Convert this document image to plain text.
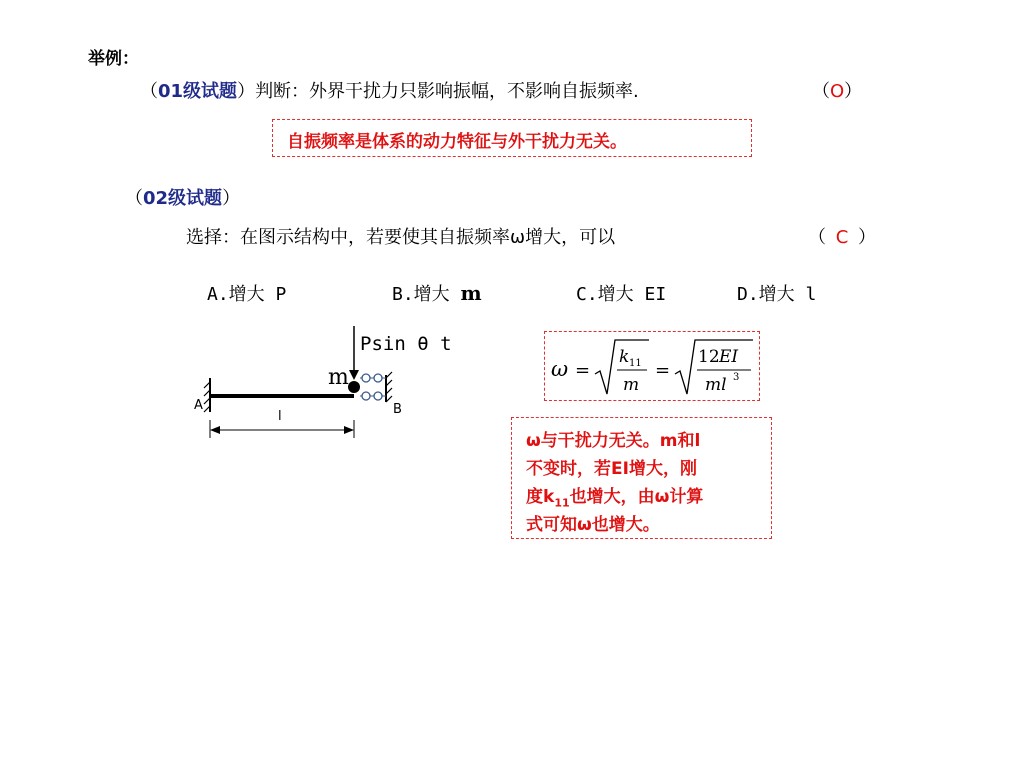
举例：
（01级试题）判断：外界干扰力只影响振幅，不影响自振频率.	（O）
自振频率是体系的动力特征与外干扰力无关。
（02级试题）
选择：在图示结构中，若要使其自振频率ω增大，可以	（ C ）
A.增大 P	B.增大 m	C.增大 EI	D.增大 l
Psin θ t
m
A	B
l
ω =
k 11
m
=
12 EI
ml 3
ω与干扰力无关。m和l
不变时，若EI增大，刚
度$k_{11}$也增大，由ω计算
式可知ω也增大。
